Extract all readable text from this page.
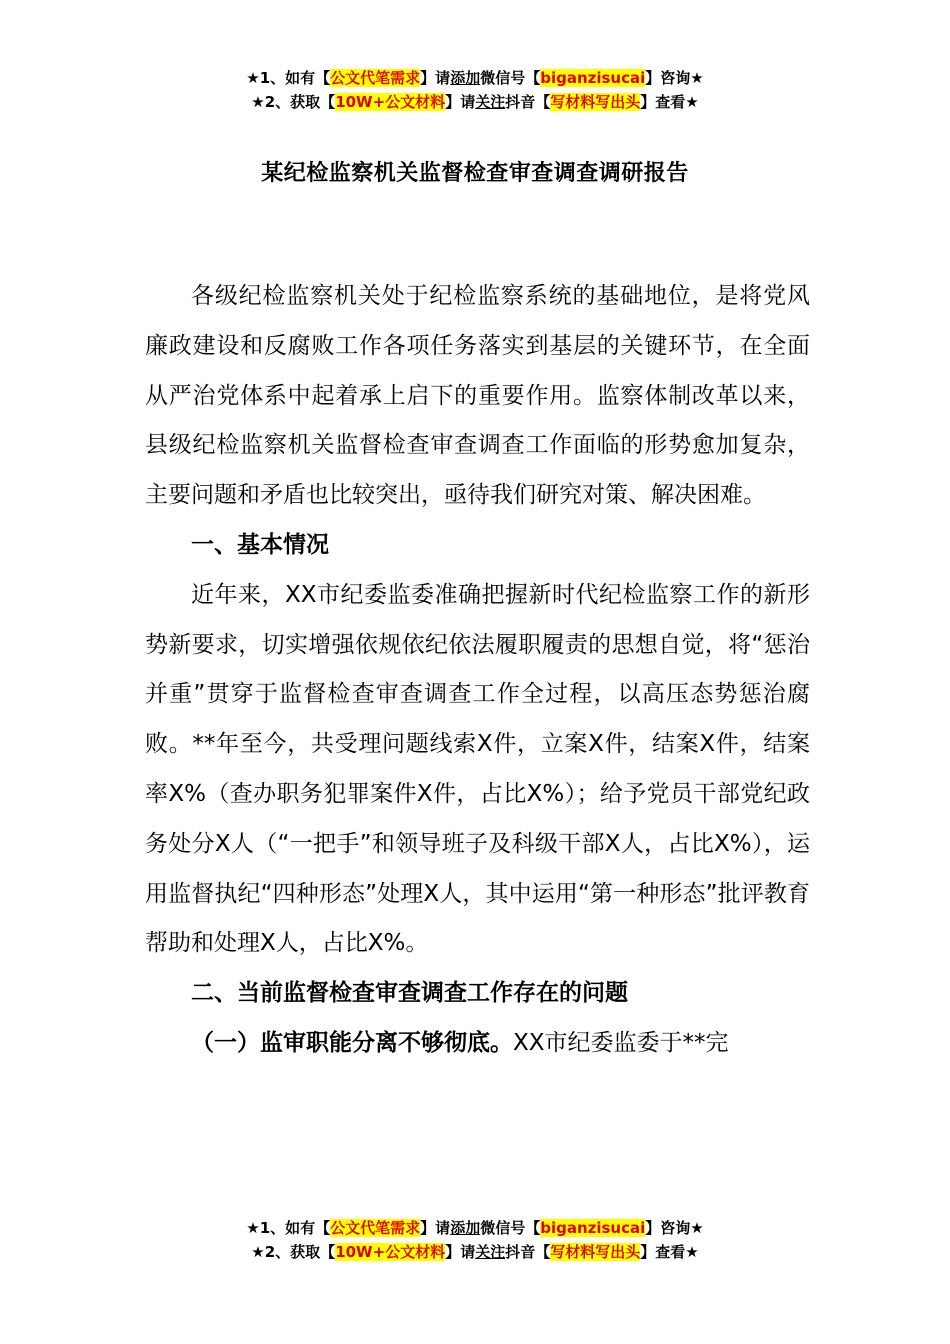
★1、如有【公文代笔需求】请添加微信号【biganzisucai】咨询★
★2、获取【10W+公文材料】请关注抖音【写材料写出头】查看★
某纪检监察机关监督检查审查调查调研报告

各级纪检监察机关处于纪检监察系统的基础地位，是将党风廉政建设和反腐败工作各项任务落实到基层的关键环节，在全面从严治党体系中起着承上启下的重要作用。监察体制改革以来，县级纪检监察机关监督检查审查调查工作面临的形势愈加复杂，主要问题和矛盾也比较突出，亟待我们研究对策、解决困难。

一、基本情况

近年来，XX市纪委监委准确把握新时代纪检监察工作的新形势新要求，切实增强依规依纪依法履职履责的思想自觉，将“惩治并重”贯穿于监督检查审查调查工作全过程，以高压态势惩治腐败。**年至今，共受理问题线索X件，立案X件，结案X件，结案率X%（查办职务犯罪案件X件，占比X%）；给予党员干部党纪政务处分X人（“一把手”和领导班子及科级干部X人，占比X%），运用监督执纪“四种形态”处理X人，其中运用“第一种形态”批评教育帮助和处理X人，占比X%。

二、当前监督检查审查调查工作存在的问题

（一）监审职能分离不够彻底。XX市纪委监委于**完

★1、如有【公文代笔需求】请添加微信号【biganzisucai】咨询★
★2、获取【10W+公文材料】请关注抖音【写材料写出头】查看★
